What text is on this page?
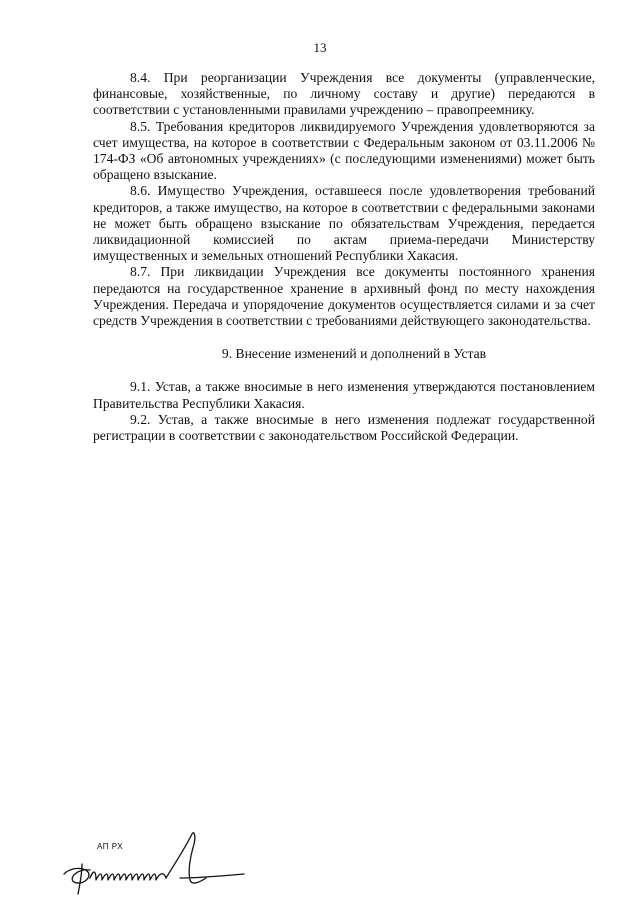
13

8.4. При реорганизации Учреждения все документы (управленческие, финансовые, хозяйственные, по личному составу и другие) передаются в соответствии с установленными правилами учреждению – правопреемнику.

8.5. Требования кредиторов ликвидируемого Учреждения удовлетворяются за счет имущества, на которое в соответствии с Федеральным законом от 03.11.2006 № 174-ФЗ «Об автономных учреждениях» (с последующими изменениями) может быть обращено взыскание.

8.6. Имущество Учреждения, оставшееся после удовлетворения требований кредиторов, а также имущество, на которое в соответствии с федеральными законами не может быть обращено взыскание по обязательствам Учреждения, передается ликвидационной комиссией по актам приема-передачи Министерству имущественных и земельных отношений Республики Хакасия.

8.7. При ликвидации Учреждения все документы постоянного хранения передаются на государственное хранение в архивный фонд по месту нахождения Учреждения. Передача и упорядочение документов осуществляется силами и за счет средств Учреждения в соответствии с требованиями действующего законодательства.

9. Внесение изменений и дополнений в Устав

9.1. Устав, а также вносимые в него изменения утверждаются постановлением Правительства Республики Хакасия.

9.2. Устав, а также вносимые в него изменения подлежат государственной регистрации в соответствии с законодательством Российской Федерации.

АП РХ
